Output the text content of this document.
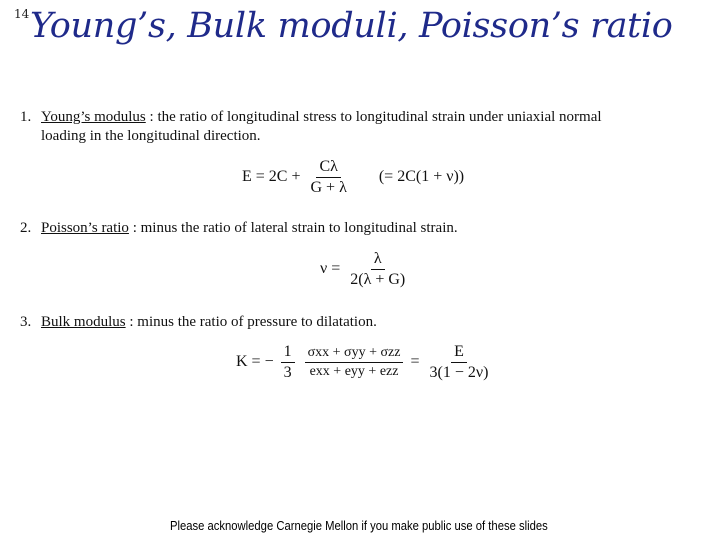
14 Young’s, Bulk moduli, Poisson’s ratio
1. Young’s modulus : the ratio of longitudinal stress to longitudinal strain under uniaxial normal
loading in the longitudinal direction.
$E = 2C + \frac{C\lambda}{G + \lambda}$ (= 2C(1 + ν))
2. Poisson’s ratio : minus the ratio of lateral strain to longitudinal strain.
$\nu = \frac{\lambda}{2(\lambda + G)}$
3. Bulk modulus : minus the ratio of pressure to dilatation.
K = − $\frac{1}{3}$
$\frac{\text{σxx + σyy + σzz}}{\text{exx + eyy + ezz}} = \frac{E}{3(1 - 2\nu)}$
Please acknowledge Carnegie Mellon if you make public use of these slides
